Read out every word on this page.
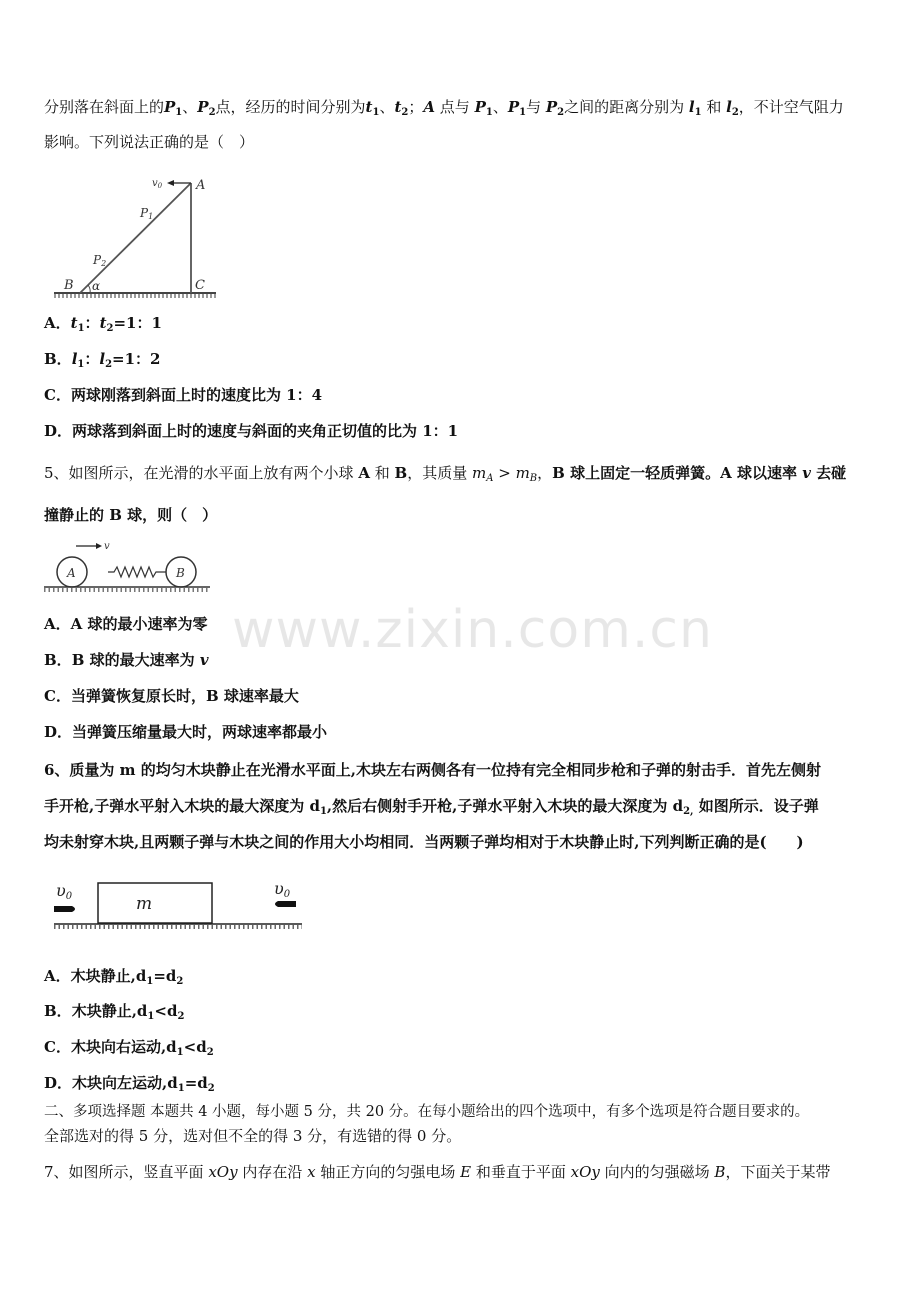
分别落在斜面上的$P_1$、$P_2$点，经历的时间分别为$t_1$、$t_2$；A 点与 $P_1$、$P_1$与 $P_2$之间的距离分别为 $l_1$ 和 $l_2$，不计空气阻力
影响。下列说法正确的是（　）
$v_0$	A
P1
P2
B α	C
A．$t_1$：$t_2=1$：1
B．$l_1$：$l_2=1$：2
C．两球刚落到斜面上时的速度比为 1：4
D．两球落到斜面上时的速度与斜面的夹角正切值的比为 1：1
5、如图所示，在光滑的水平面上放有两个小球 A 和 B，其质量 $m_A > m_B$，B 球上固定一轻质弹簧。A 球以速率 v 去碰
撞静止的 B 球，则（　）
v
A	B
A．A 球的最小速率为零
B．B 球的最大速率为 v
C．当弹簧恢复原长时，B 球速率最大
D．当弹簧压缩量最大时，两球速率都最小
www.zixin.com.cn
6、质量为 m 的均匀木块静止在光滑水平面上,木块左右两侧各有一位持有完全相同步枪和子弹的射击手．首先左侧射
手开枪,子弹水平射入木块的最大深度为 $d_1$,然后右侧射手开枪,子弹水平射入木块的最大深度为 $d_{2,}$ 如图所示．设子弹
均未射穿木块,且两颗子弹与木块之间的作用大小均相同．当两颗子弹均相对于木块静止时,下列判断正确的是(　　)
υ0	m
υ0
A．木块静止$,d_1=d_2$
B．木块静止$,d_1<d_2$
C．木块向右运动$,d_1<d_2$
D．木块向左运动$,d_1=d_2$
二、多项选择题 本题共 4 小题，每小题 5 分，共 20 分。在每小题给出的四个选项中，有多个选项是符合题目要求的。
全部选对的得 5 分，选对但不全的得 3 分，有选错的得 0 分。
7、如图所示，竖直平面 xOy 内存在沿 x 轴正方向的匀强电场 E 和垂直于平面 xOy 向内的匀强磁场 B，下面关于某带
